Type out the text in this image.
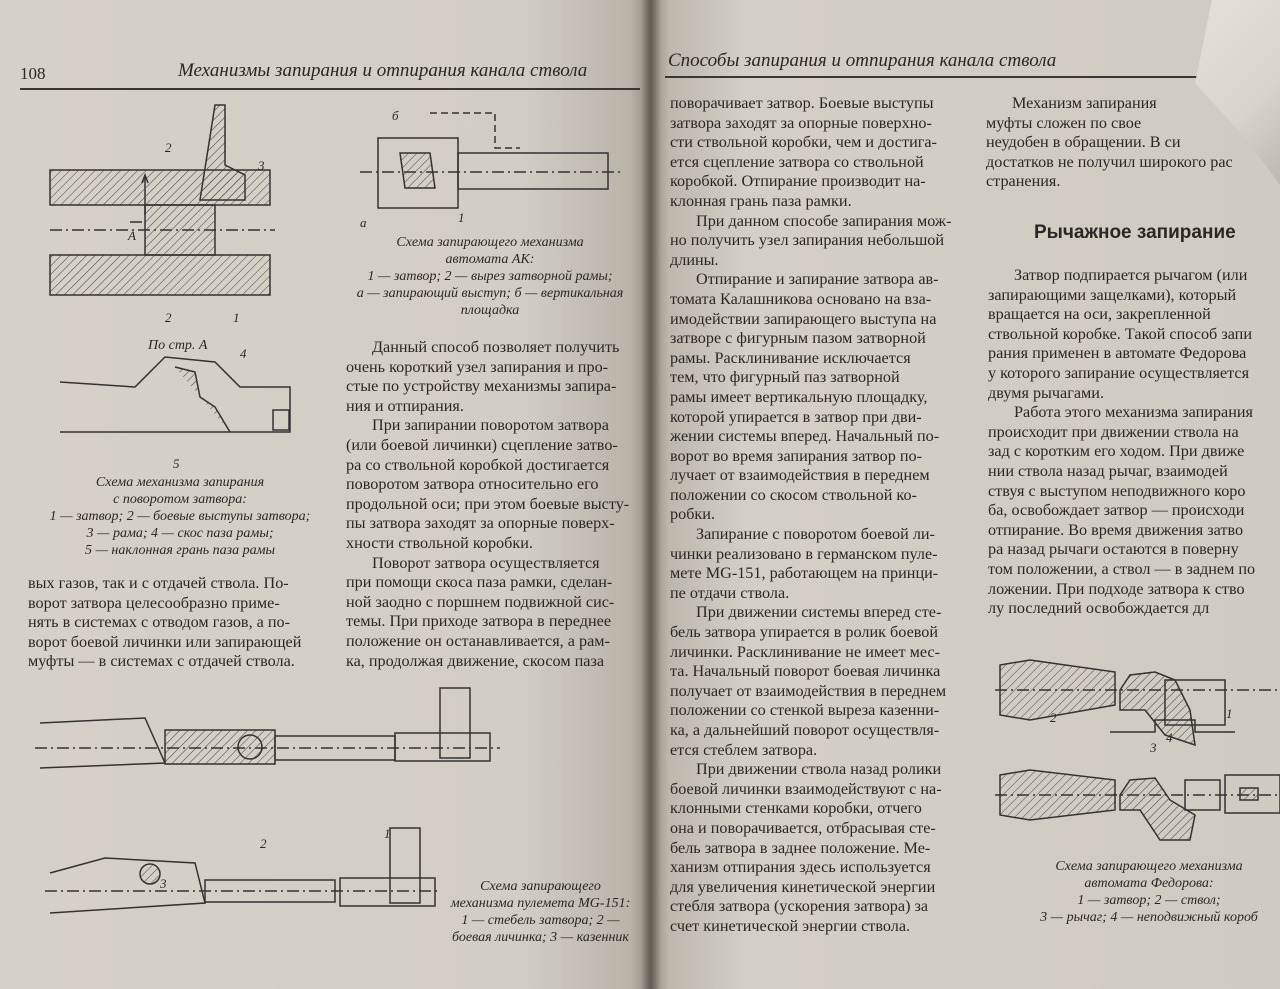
108	Механизмы запирания и отпирания канала ствола
2
3
A
2	1
По стр. А
4
5
Схема механизма запирания
с поворотом затвора:
1 — затвор; 2 — боевые выступы затвора;
3 — рама; 4 — скос паза рамы;
5 — наклонная грань паза рамы
б
а	1
Схема запирающего механизма
автомата АК:
1 — затвор; 2 — вырез затворной рамы;
а — запирающий выступ; б — вертикальная
площадка

вых газов, так и с отдачей ствола. По-

ворот затвора целесообразно приме-

нять в системах с отводом газов, а по-

ворот боевой личинки или запирающей

муфты — в системах с отдачей ствола.

Данный способ позволяет получить

очень короткий узел запирания и про-

стые по устройству механизмы запира-

ния и отпирания.

При запирании поворотом затвора

(или боевой личинки) сцепление затво-

ра со ствольной коробкой достигается

поворотом затвора относительно его

продольной оси; при этом боевые высту-

пы затвора заходят за опорные поверх-

хности ствольной коробки.

Поворот затвора осуществляется

при помощи скоса паза рамки, сделан-

ной заодно с поршнем подвижной сис-

темы. При приходе затвора в переднее

положение он останавливается, а рам-

ка, продолжая движение, скосом паза

3
2
1
Схема запирающего
механизма пулемета MG-151:
1 — стебель затвора; 2 —
боевая личинка; 3 — казенник
Способы запирания и отпирания канала ствола

поворачивает затвор. Боевые выступы

затвора заходят за опорные поверхно-

сти ствольной коробки, чем и достига-

ется сцепление затвора со ствольной

коробкой. Отпирание производит на-

клонная грань паза рамки.

При данном способе запирания мож-

но получить узел запирания небольшой

длины.

Отпирание и запирание затвора ав-

томата Калашникова основано на вза-

имодействии запирающего выступа на

затворе с фигурным пазом затворной

рамы. Расклинивание исключается

тем, что фигурный паз затворной

рамы имеет вертикальную площадку,

которой упирается в затвор при дви-

жении системы вперед. Начальный по-

ворот во время запирания затвор по-

лучает от взаимодействия в переднем

положении со скосом ствольной ко-

робки.

Запирание с поворотом боевой ли-

чинки реализовано в германском пуле-

мете MG-151, работающем на принци-

пе отдачи ствола.

При движении системы вперед сте-

бель затвора упирается в ролик боевой

личинки. Расклинивание не имеет мес-

та. Начальный поворот боевая личинка

получает от взаимодействия в переднем

положении со стенкой выреза казенни-

ка, а дальнейший поворот осуществля-

ется стеблем затвора.

При движении ствола назад ролики

боевой личинки взаимодействуют с на-

клонными стенками коробки, отчего

она и поворачивается, отбрасывая сте-

бель затвора в заднее положение. Ме-

ханизм отпирания здесь используется

для увеличения кинетической энергии

стебля затвора (ускорения затвора) за

счет кинетической энергии ствола.

Механизм запирания

муфты сложен по свое

неудобен в обращении. В си

достатков не получил широкого рас

странения.

Рычажное запирание

Затвор подпирается рычагом (или

запирающими защелками), который

вращается на оси, закрепленной

ствольной коробке. Такой способ запи

рания применен в автомате Федорова

у которого запирание осуществляется

двумя рычагами.

Работа этого механизма запирания

происходит при движении ствола на

зад с коротким его ходом. При движе

нии ствола назад рычаг, взаимодей

ствуя с выступом неподвижного коро

ба, освобождает затвор — происходи

отпирание. Во время движения затво

ра назад рычаги остаются в поверну

том положении, а ствол — в заднем по

ложении. При подходе затвора к ство

лу последний освобождается дл

2
3
4
1
Схема запирающего механизма
автомата Федорова:
1 — затвор; 2 — ствол;
3 — рычаг; 4 — неподвижный короб
